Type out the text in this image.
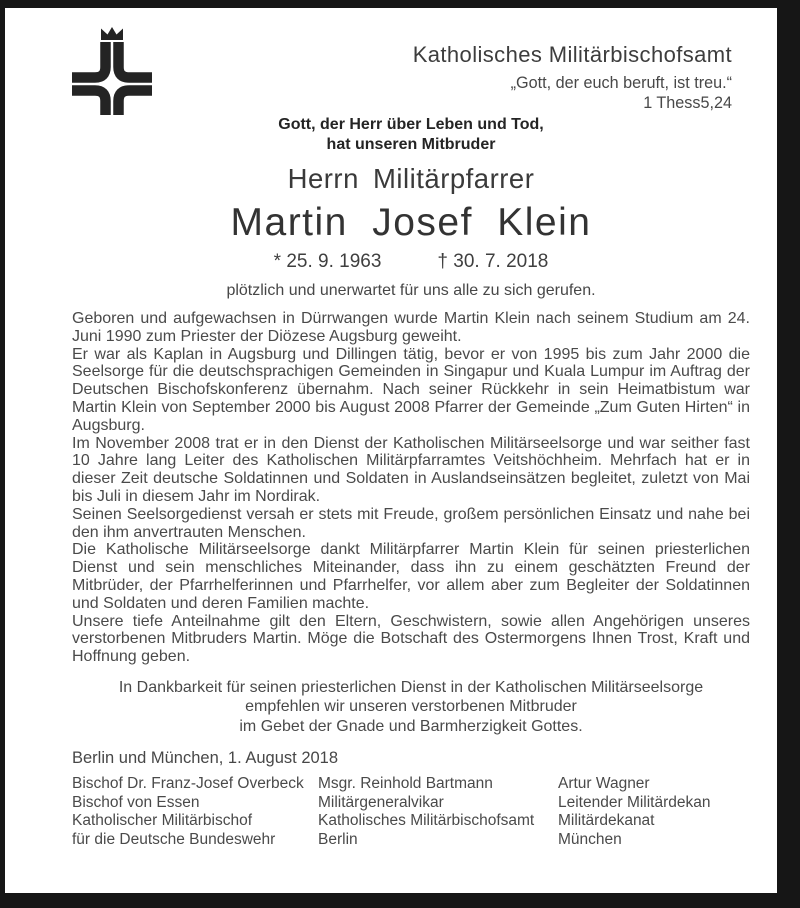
Katholisches Militärbischofsamt
„Gott, der euch beruft, ist treu.“
1 Thess5,24
Gott, der Herr über Leben und Tod,
hat unseren Mitbruder
Herrn Militärpfarrer
Martin Josef Klein
* 25. 9. 1963	† 30. 7. 2018
plötzlich und unerwartet für uns alle zu sich gerufen.

Geboren und aufgewachsen in Dürrwangen wurde Martin Klein nach seinem Studium am 24. Juni 1990 zum Priester der Diözese Augsburg geweiht.

Er war als Kaplan in Augsburg und Dillingen tätig, bevor er von 1995 bis zum Jahr 2000 die Seelsorge für die deutschsprachigen Gemeinden in Singapur und Kuala Lumpur im Auftrag der Deutschen Bischofskonferenz übernahm. Nach seiner Rückkehr in sein Heimatbistum war Martin Klein von September 2000 bis August 2008 Pfarrer der Gemeinde „Zum Guten Hirten“ in Augsburg.

Im November 2008 trat er in den Dienst der Katholischen Militärseelsorge und war seither fast 10 Jahre lang Leiter des Katholischen Militärpfarramtes Veitshöchheim. Mehrfach hat er in dieser Zeit deutsche Soldatinnen und Soldaten in Auslandseinsätzen begleitet, zuletzt von Mai bis Juli in diesem Jahr im Nordirak.

Seinen Seelsorgedienst versah er stets mit Freude, großem persönlichen Einsatz und nahe bei den ihm anvertrauten Menschen.

Die Katholische Militärseelsorge dankt Militärpfarrer Martin Klein für seinen priesterlichen Dienst und sein menschliches Miteinander, dass ihn zu einem geschätzten Freund der Mitbrüder, der Pfarrhelferinnen und Pfarrhelfer, vor allem aber zum Begleiter der Soldatinnen und Soldaten und deren Familien machte.

Unsere tiefe Anteilnahme gilt den Eltern, Geschwistern, sowie allen Angehörigen unseres verstorbenen Mitbruders Martin. Möge die Botschaft des Ostermorgens Ihnen Trost, Kraft und Hoffnung geben.

In Dankbarkeit für seinen priesterlichen Dienst in der Katholischen Militärseelsorge
empfehlen wir unseren verstorbenen Mitbruder
im Gebet der Gnade und Barmherzigkeit Gottes.
Berlin und München, 1. August 2018
Bischof Dr. Franz-Josef Overbeck
Bischof von Essen
Katholischer Militärbischof
für die Deutsche Bundeswehr
Msgr. Reinhold Bartmann
Militärgeneralvikar
Katholisches Militärbischofsamt
Berlin
Artur Wagner
Leitender Militärdekan
Militärdekanat
München
